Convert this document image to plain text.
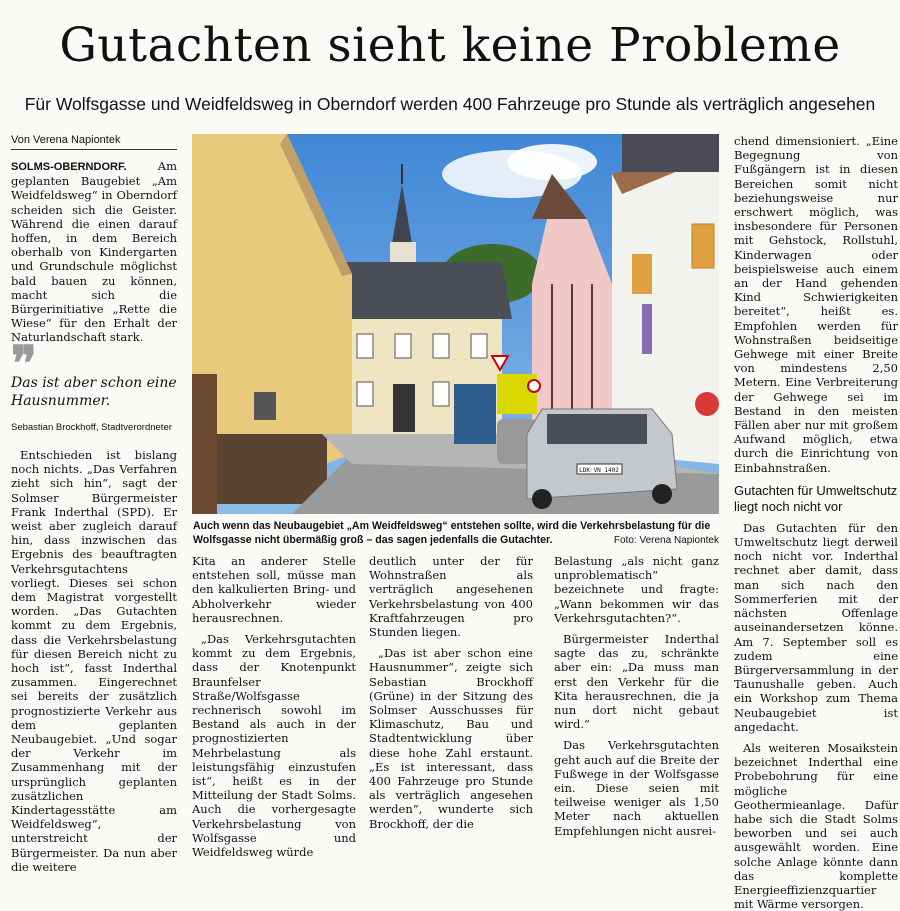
Gutachten sieht keine Probleme
Für Wolfsgasse und Weidfeldsweg in Oberndorf werden 400 Fahrzeuge pro Stunde als verträglich angesehen
Von Verena Napiontek

SOLMS-OBERNDORF.	Am geplanten Baugebiet „Am Weidfeldsweg“ in Oberndorf scheiden sich die Geister. Während die einen darauf hoffen, in dem Bereich oberhalb von Kindergarten und Grundschule möglichst bald bauen zu können, macht sich die Bürgerinitiative „Rette die Wiese“ für den Erhalt der Naturlandschaft stark.

❞
Das ist aber schon eine Hausnummer.
Sebastian Brockhoff, Stadtverordneter

Entschieden ist bislang noch nichts. „Das Verfahren zieht sich hin“, sagt der Solmser Bürgermeister Frank Inderthal (SPD). Er weist aber zugleich darauf hin, dass inzwischen das Ergebnis des beauftragten Verkehrsgutachtens vorliegt. Dieses sei schon dem Magistrat vorgestellt worden. „Das Gutachten kommt zu dem Ergebnis, dass die Verkehrsbelastung für diesen Bereich nicht zu hoch ist“, fasst Inderthal zusammen. Eingerechnet sei bereits der zusätzlich prognostizierte Verkehr aus dem geplanten Neubaugebiet. „Und sogar der Verkehr im Zusammenhang mit der ursprünglich geplanten zusätzlichen Kindertagesstätte am Weidfeldsweg“, unterstreicht der Bürgermeister. Da nun aber die weitere

LDK·VN 1402
Auch wenn das Neubaugebiet „Am Weidfeldsweg“ entstehen sollte, wird die Verkehrsbelastung für die Wolfsgasse nicht übermäßig groß – das sagen jedenfalls die Gutachter.	Foto: Verena Napiontek

Kita an anderer Stelle entstehen soll, müsse man den kalkulierten Bring- und Abholverkehr wieder herausrechnen.

„Das Verkehrsgutachten kommt zu dem Ergebnis, dass der Knotenpunkt Braunfelser Straße/Wolfsgasse rechnerisch sowohl im Bestand als auch in der prognostizierten Mehrbelastung als leistungsfähig einzustufen ist“, heißt es in der Mitteilung der Stadt Solms. Auch die vorhergesagte Verkehrsbelastung von Wolfsgasse und Weidfeldsweg würde

deutlich unter der für Wohnstraßen als verträglich angesehenen Verkehrsbelastung von 400 Kraftfahrzeugen pro Stunden liegen.

„Das ist aber schon eine Hausnummer“, zeigte sich Sebastian Brockhoff (Grüne) in der Sitzung des Solmser Ausschusses für Klimaschutz, Bau und Stadtentwicklung über diese hohe Zahl erstaunt. „Es ist interessant, dass 400 Fahrzeuge pro Stunde als verträglich angesehen werden“, wunderte sich Brockhoff, der die

Belastung „als nicht ganz unproblematisch“ bezeichnete und fragte: „Wann bekommen wir das Verkehrsgutachten?“.

Bürgermeister Inderthal sagte das zu, schränkte aber ein: „Da muss man erst den Verkehr für die Kita herausrechnen, die ja nun dort nicht gebaut wird.“

Das Verkehrsgutachten geht auch auf die Breite der Fußwege in der Wolfsgasse ein. Diese seien mit teilweise weniger als 1,50 Meter nach aktuellen Empfehlungen nicht ausrei-

chend dimensioniert. „Eine Begegnung von Fußgängern ist in diesen Bereichen somit nicht beziehungsweise nur erschwert möglich, was insbesondere für Personen mit Gehstock, Rollstuhl, Kinderwagen oder beispielsweise auch einem an der Hand gehenden Kind Schwierigkeiten bereitet“, heißt es. Empfohlen werden für Wohnstraßen beidseitige Gehwege mit einer Breite von mindestens 2,50 Metern. Eine Verbreiterung der Gehwege sei im Bestand in den meisten Fällen aber nur mit großem Aufwand möglich, etwa durch die Einrichtung von Einbahnstraßen.

Gutachten für Umweltschutz liegt noch nicht vor

Das Gutachten für den Umweltschutz liegt derweil noch nicht vor. Inderthal rechnet aber damit, dass man sich nach den Sommerferien mit der nächsten Offenlage auseinandersetzen könne. Am 7. September soll es zudem eine Bürgerversammlung in der Taunushalle geben. Auch ein Workshop zum Thema Neubaugebiet ist angedacht.

Als weiteren Mosaikstein bezeichnet Inderthal eine Probebohrung für eine mögliche Geothermieanlage. Dafür habe sich die Stadt Solms beworben und sei auch ausgewählt worden. Eine solche Anlage könnte dann das komplette Energieeffizienzquartier mit Wärme versorgen.
